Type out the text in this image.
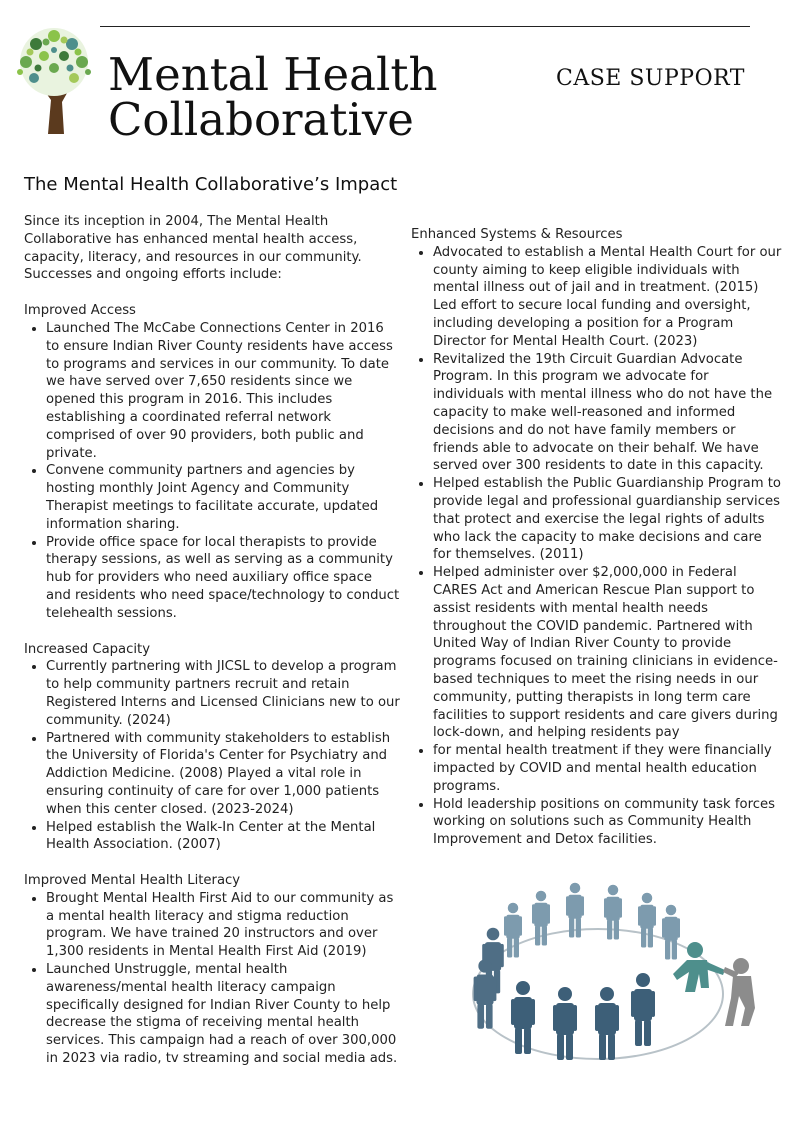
Mental Health
Collaborative
CASE SUPPORT
The Mental Health Collaborative’s Impact

Since its inception in 2004, The Mental Health Collaborative has enhanced mental health access, capacity, literacy, and resources in our community. Successes and ongoing efforts include:

Improved Access

• Launched The McCabe Connections Center in 2016 to ensure Indian River County residents have access to programs and services in our community. To date we have served over 7,650 residents since we opened this program in 2016. This includes establishing a coordinated referral network comprised of over 90 providers, both public and private.
• Convene community partners and agencies by hosting monthly Joint Agency and Community Therapist meetings to facilitate accurate, updated information sharing.
• Provide office space for local therapists to provide therapy sessions, as well as serving as a community hub for providers who need auxiliary office space and residents who need space/technology to conduct telehealth sessions.

Increased Capacity

• Currently partnering with JICSL to develop a program to help community partners recruit and retain Registered Interns and Licensed Clinicians new to our community. (2024)
• Partnered with community stakeholders to establish the University of Florida's Center for Psychiatry and Addiction Medicine. (2008) Played a vital role in ensuring continuity of care for over 1,000 patients when this center closed. (2023-2024)
• Helped establish the Walk-In Center at the Mental Health Association. (2007)

Improved Mental Health Literacy

• Brought Mental Health First Aid to our community as a mental health literacy and stigma reduction program. We have trained 20 instructors and over 1,300 residents in Mental Health First Aid (2019)
• Launched Unstruggle, mental health awareness/mental health literacy campaign specifically designed for Indian River County to help decrease the stigma of receiving mental health services. This campaign had a reach of over 300,000 in 2023 via radio, tv streaming and social media ads.

Enhanced Systems & Resources

• Advocated to establish a Mental Health Court for our county aiming to keep eligible individuals with mental illness out of jail and in treatment. (2015) Led effort to secure local funding and oversight, including developing a position for a Program Director for Mental Health Court. (2023)
• Revitalized the 19th Circuit Guardian Advocate Program. In this program we advocate for individuals with mental illness who do not have the capacity to make well-reasoned and informed decisions and do not have family members or friends able to advocate on their behalf. We have served over 300 residents to date in this capacity.
• Helped establish the Public Guardianship Program to provide legal and professional guardianship services that protect and exercise the legal rights of adults who lack the capacity to make decisions and care for themselves. (2011)
• Helped administer over $2,000,000 in Federal CARES Act and American Rescue Plan support to assist residents with mental health needs throughout the COVID pandemic. Partnered with United Way of Indian River County to provide programs focused on training clinicians in evidence-based techniques to meet the rising needs in our community, putting therapists in long term care facilities to support residents and care givers during lock-down, and helping residents pay
• for mental health treatment if they were financially impacted by COVID and mental health education programs.
• Hold leadership positions on community task forces working on solutions such as Community Health Improvement and Detox facilities.
